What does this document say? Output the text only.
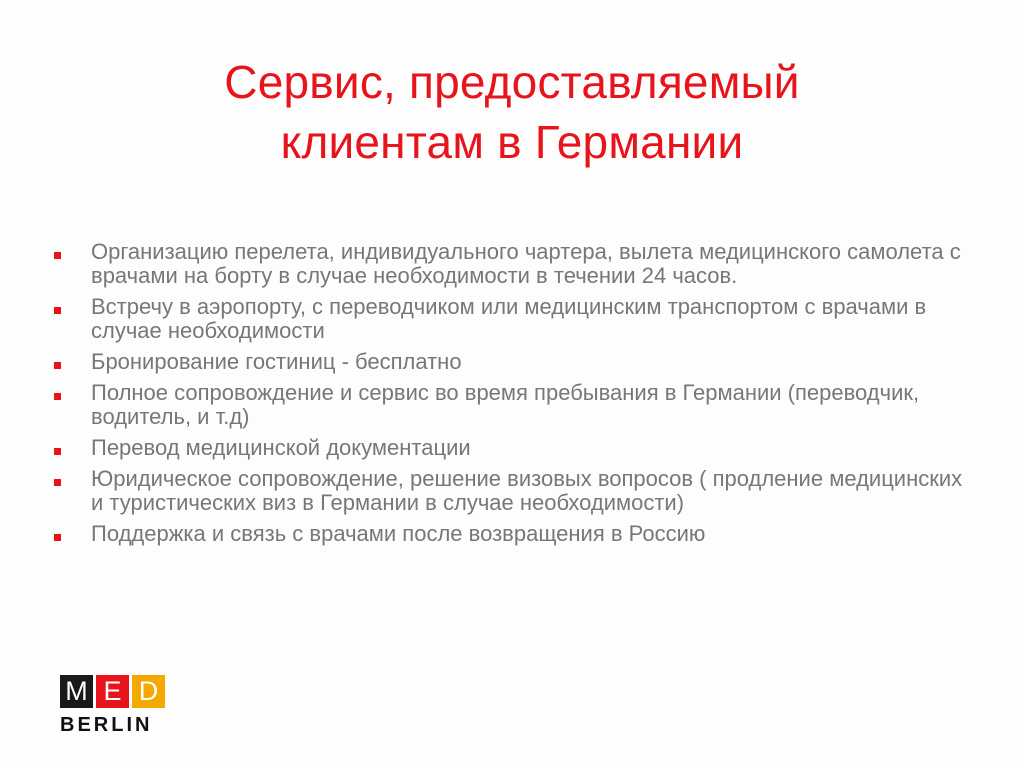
Сервис, предоставляемый
клиентам в Германии
Организацию перелета, индивидуального чартера, вылета медицинского самолета с врачами на борту в случае необходимости в течении 24 часов.
Встречу в аэропорту, с переводчиком или медицинским транспортом с врачами в случае необходимости
Бронирование гостиниц - бесплатно
Полное сопровождение и сервис во время пребывания в Германии (переводчик, водитель, и т.д)
Перевод медицинской документации
Юридическое сопровождение, решение визовых вопросов ( продление медицинских и туристических виз в Германии в случае необходимости)
Поддержка и связь с врачами после возвращения в Россию
M E D
BERLIN
